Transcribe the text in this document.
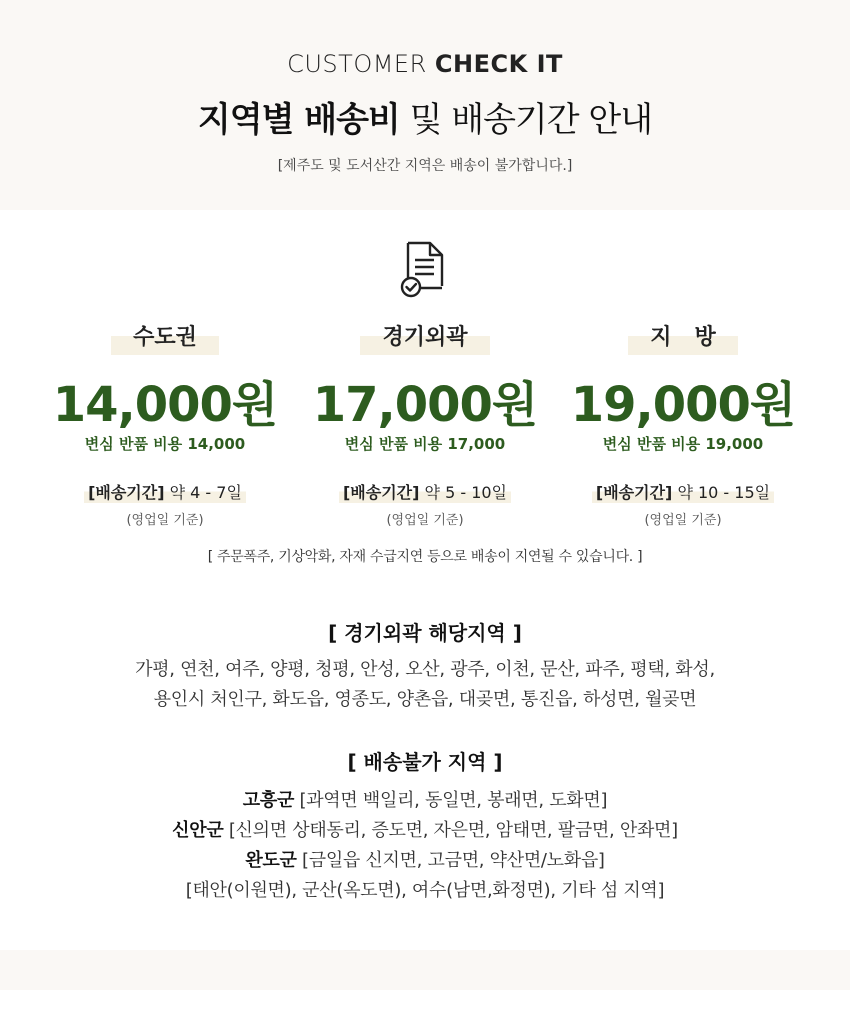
CUSTOMER CHECK IT
지역별 배송비 및 배송기간 안내
[제주도 및 도서산간 지역은 배송이 불가합니다.]
수도권
14,000원
변심 반품 비용 14,000
[배송기간] 약 4 - 7일
(영업일 기준)
경기외곽
17,000원
변심 반품 비용 17,000
[배송기간] 약 5 - 10일
(영업일 기준)
지   방
19,000원
변심 반품 비용 19,000
[배송기간] 약 10 - 15일
(영업일 기준)
[ 주문폭주, 기상악화, 자재 수급지연 등으로 배송이 지연될 수 있습니다. ]
[ 경기외곽 해당지역 ]
가평, 연천, 여주, 양평, 청평, 안성, 오산, 광주, 이천, 문산, 파주, 평택, 화성,
용인시 처인구, 화도읍, 영종도, 양촌읍, 대곶면, 통진읍, 하성면, 월곶면
[ 배송불가 지역 ]
고흥군 [과역면 백일리, 동일면, 봉래면, 도화면]
신안군 [신의면 상태동리, 증도면, 자은면, 암태면, 팔금면, 안좌면]
완도군 [금일읍 신지면, 고금면, 약산면/노화읍]
[태안(이원면), 군산(옥도면), 여수(남면,화정면), 기타 섬 지역]
